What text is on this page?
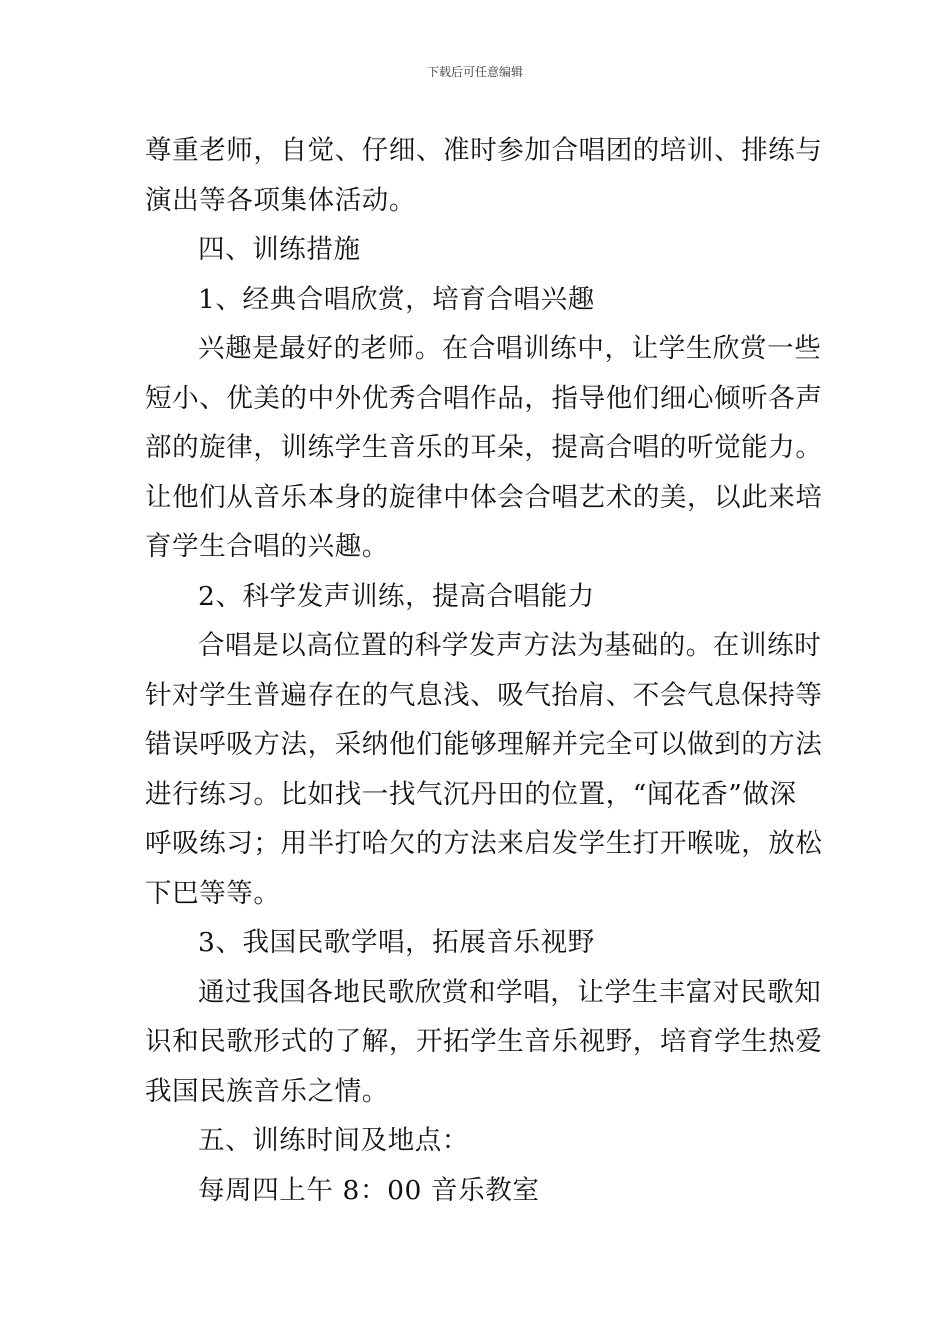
下载后可任意编辑
尊重老师，自觉、仔细、准时参加合唱团的培训、排练与
演出等各项集体活动。
四、训练措施
1、经典合唱欣赏，培育合唱兴趣
兴趣是最好的老师。在合唱训练中，让学生欣赏一些
短小、优美的中外优秀合唱作品，指导他们细心倾听各声
部的旋律，训练学生音乐的耳朵，提高合唱的听觉能力。
让他们从音乐本身的旋律中体会合唱艺术的美，以此来培
育学生合唱的兴趣。
2、科学发声训练，提高合唱能力
合唱是以高位置的科学发声方法为基础的。在训练时
针对学生普遍存在的气息浅、吸气抬肩、不会气息保持等
错误呼吸方法，采纳他们能够理解并完全可以做到的方法
进行练习。比如找一找气沉丹田的位置，“闻花香”做深
呼吸练习；用半打哈欠的方法来启发学生打开喉咙，放松
下巴等等。
3、我国民歌学唱，拓展音乐视野
通过我国各地民歌欣赏和学唱，让学生丰富对民歌知
识和民歌形式的了解，开拓学生音乐视野，培育学生热爱
我国民族音乐之情。
五、训练时间及地点：
每周四上午 8：00 音乐教室
